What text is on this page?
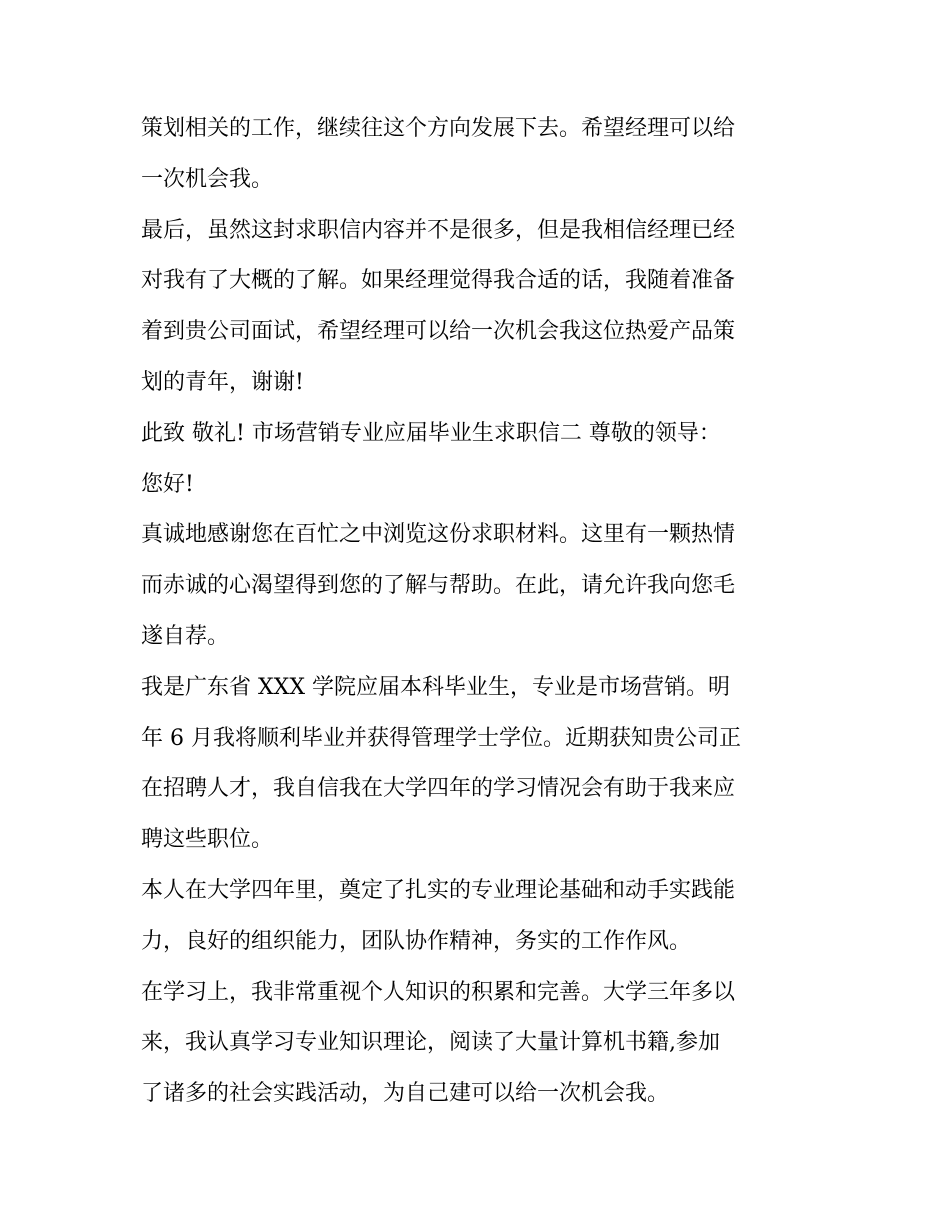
策划相关的工作，继续往这个方向发展下去。希望经理可以给
一次机会我。
最后，虽然这封求职信内容并不是很多，但是我相信经理已经
对我有了大概的了解。如果经理觉得我合适的话，我随着准备
着到贵公司面试，希望经理可以给一次机会我这位热爱产品策
划的青年，谢谢!
此致 敬礼! 市场营销专业应届毕业生求职信二 尊敬的领导：
您好!
真诚地感谢您在百忙之中浏览这份求职材料。这里有一颗热情
而赤诚的心渴望得到您的了解与帮助。在此，请允许我向您毛
遂自荐。
我是广东省 XXX 学院应届本科毕业生，专业是市场营销。明
年 6 月我将顺利毕业并获得管理学士学位。近期获知贵公司正
在招聘人才，我自信我在大学四年的学习情况会有助于我来应
聘这些职位。
本人在大学四年里，奠定了扎实的专业理论基础和动手实践能
力，良好的组织能力，团队协作精神，务实的工作作风。
在学习上，我非常重视个人知识的积累和完善。大学三年多以
来，我认真学习专业知识理论，阅读了大量计算机书籍,参加
了诸多的社会实践活动，为自己建可以给一次机会我。
